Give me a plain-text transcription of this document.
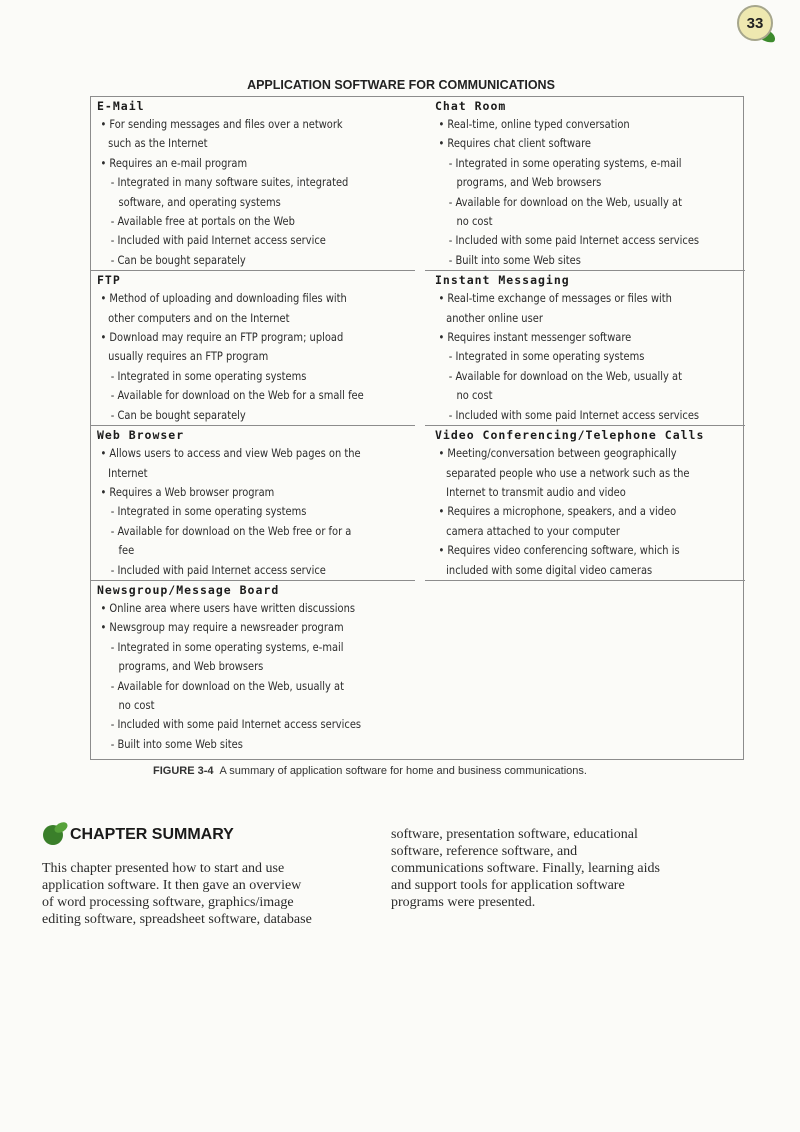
33
APPLICATION SOFTWARE FOR COMMUNICATIONS
E-Mail
• For sending messages and files over a network
such as the Internet
• Requires an e-mail program
- Integrated in many software suites, integrated
software, and operating systems
- Available free at portals on the Web
- Included with paid Internet access service
- Can be bought separately
FTP
• Method of uploading and downloading files with
other computers and on the Internet
• Download may require an FTP program; upload
usually requires an FTP program
- Integrated in some operating systems
- Available for download on the Web for a small fee
- Can be bought separately
Web Browser
• Allows users to access and view Web pages on the
Internet
• Requires a Web browser program
- Integrated in some operating systems
- Available for download on the Web free or for a
fee
- Included with paid Internet access service
Newsgroup/Message Board
• Online area where users have written discussions
• Newsgroup may require a newsreader program
- Integrated in some operating systems, e-mail
programs, and Web browsers
- Available for download on the Web, usually at
no cost
- Included with some paid Internet access services
- Built into some Web sites
Chat Room
• Real-time, online typed conversation
• Requires chat client software
- Integrated in some operating systems, e-mail
programs, and Web browsers
- Available for download on the Web, usually at
no cost
- Included with some paid Internet access services
- Built into some Web sites
Instant Messaging
• Real-time exchange of messages or files with
another online user
• Requires instant messenger software
- Integrated in some operating systems
- Available for download on the Web, usually at
no cost
- Included with some paid Internet access services
Video Conferencing/Telephone Calls
• Meeting/conversation between geographically
separated people who use a network such as the
Internet to transmit audio and video
• Requires a microphone, speakers, and a video
camera attached to your computer
• Requires video conferencing software, which is
included with some digital video cameras
FIGURE 3-4 A summary of application software for home and business communications.
CHAPTER SUMMARY
This chapter presented how to start and use
application software. It then gave an overview
of word processing software, graphics/image
editing software, spreadsheet software, database
software, presentation software, educational
software, reference software, and
communications software. Finally, learning aids
and support tools for application software
programs were presented.
